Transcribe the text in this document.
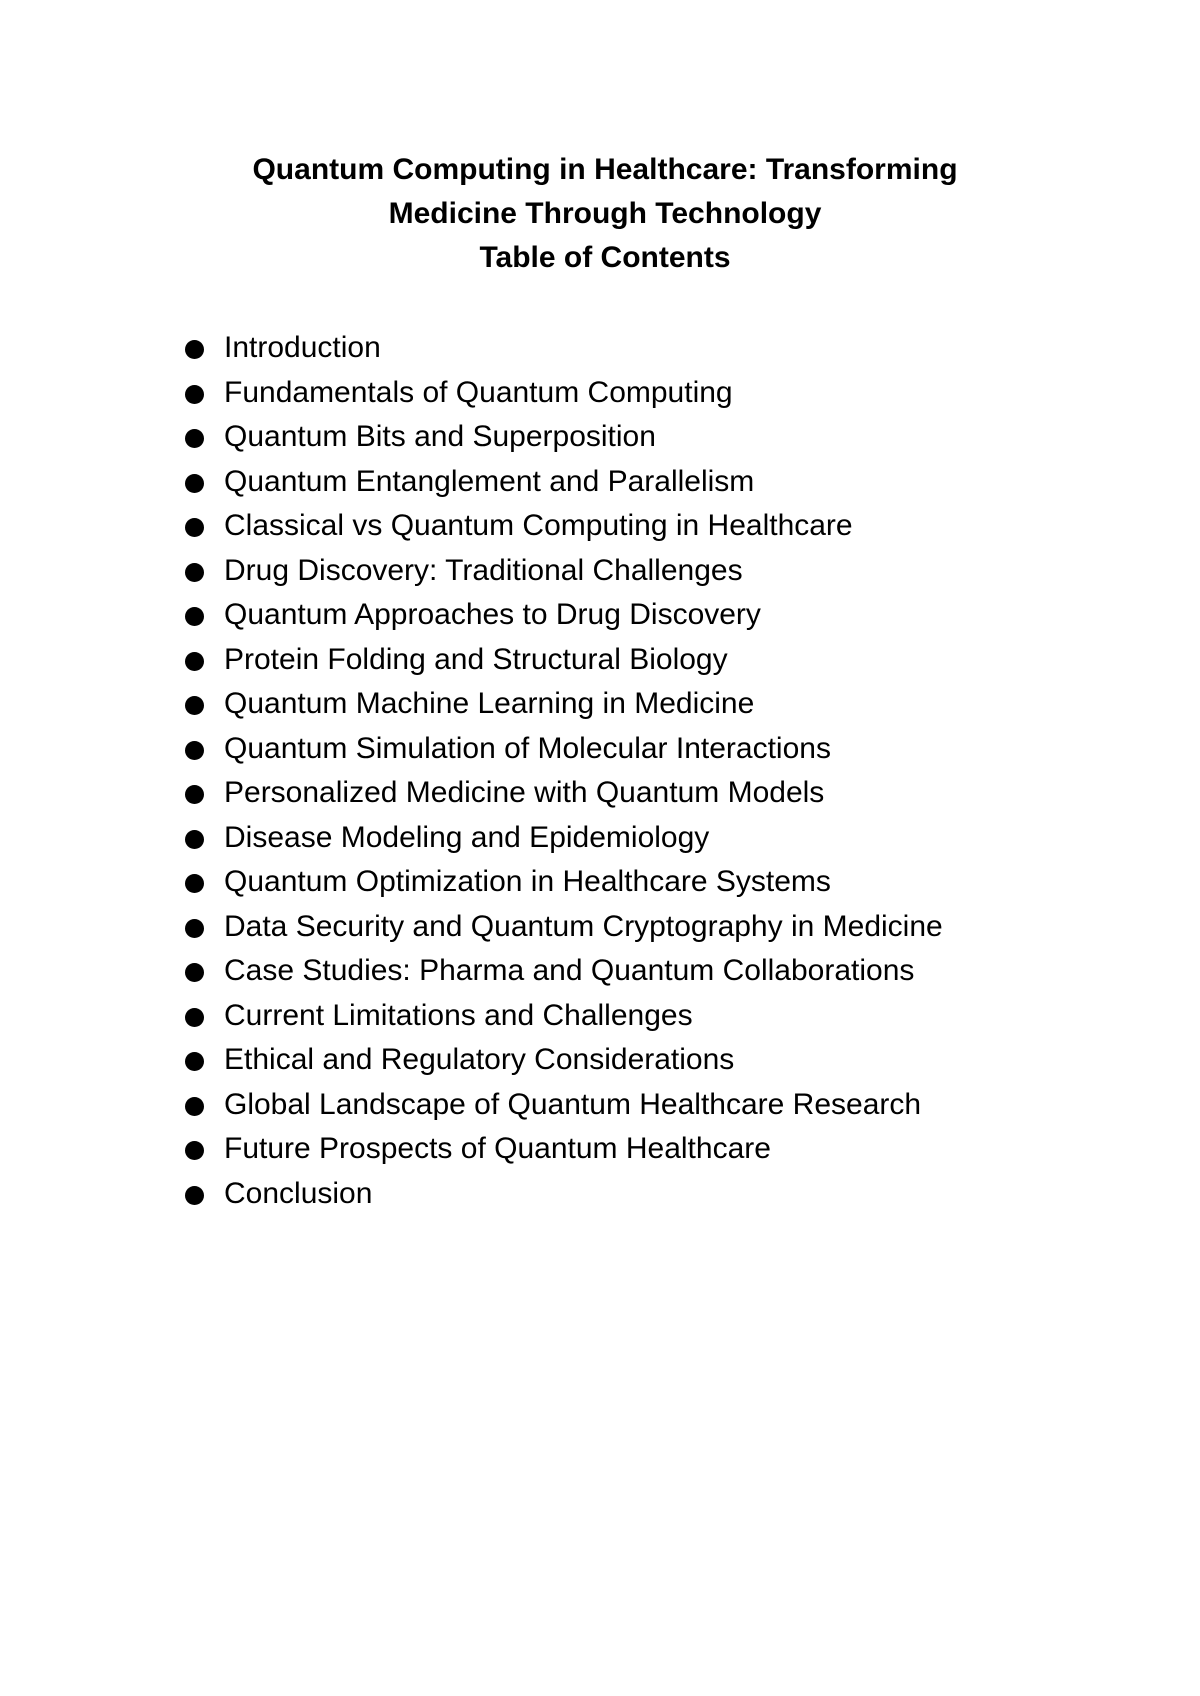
Quantum Computing in Healthcare: Transforming
Medicine Through Technology
Table of Contents
Introduction
Fundamentals of Quantum Computing
Quantum Bits and Superposition
Quantum Entanglement and Parallelism
Classical vs Quantum Computing in Healthcare
Drug Discovery: Traditional Challenges
Quantum Approaches to Drug Discovery
Protein Folding and Structural Biology
Quantum Machine Learning in Medicine
Quantum Simulation of Molecular Interactions
Personalized Medicine with Quantum Models
Disease Modeling and Epidemiology
Quantum Optimization in Healthcare Systems
Data Security and Quantum Cryptography in Medicine
Case Studies: Pharma and Quantum Collaborations
Current Limitations and Challenges
Ethical and Regulatory Considerations
Global Landscape of Quantum Healthcare Research
Future Prospects of Quantum Healthcare
Conclusion
